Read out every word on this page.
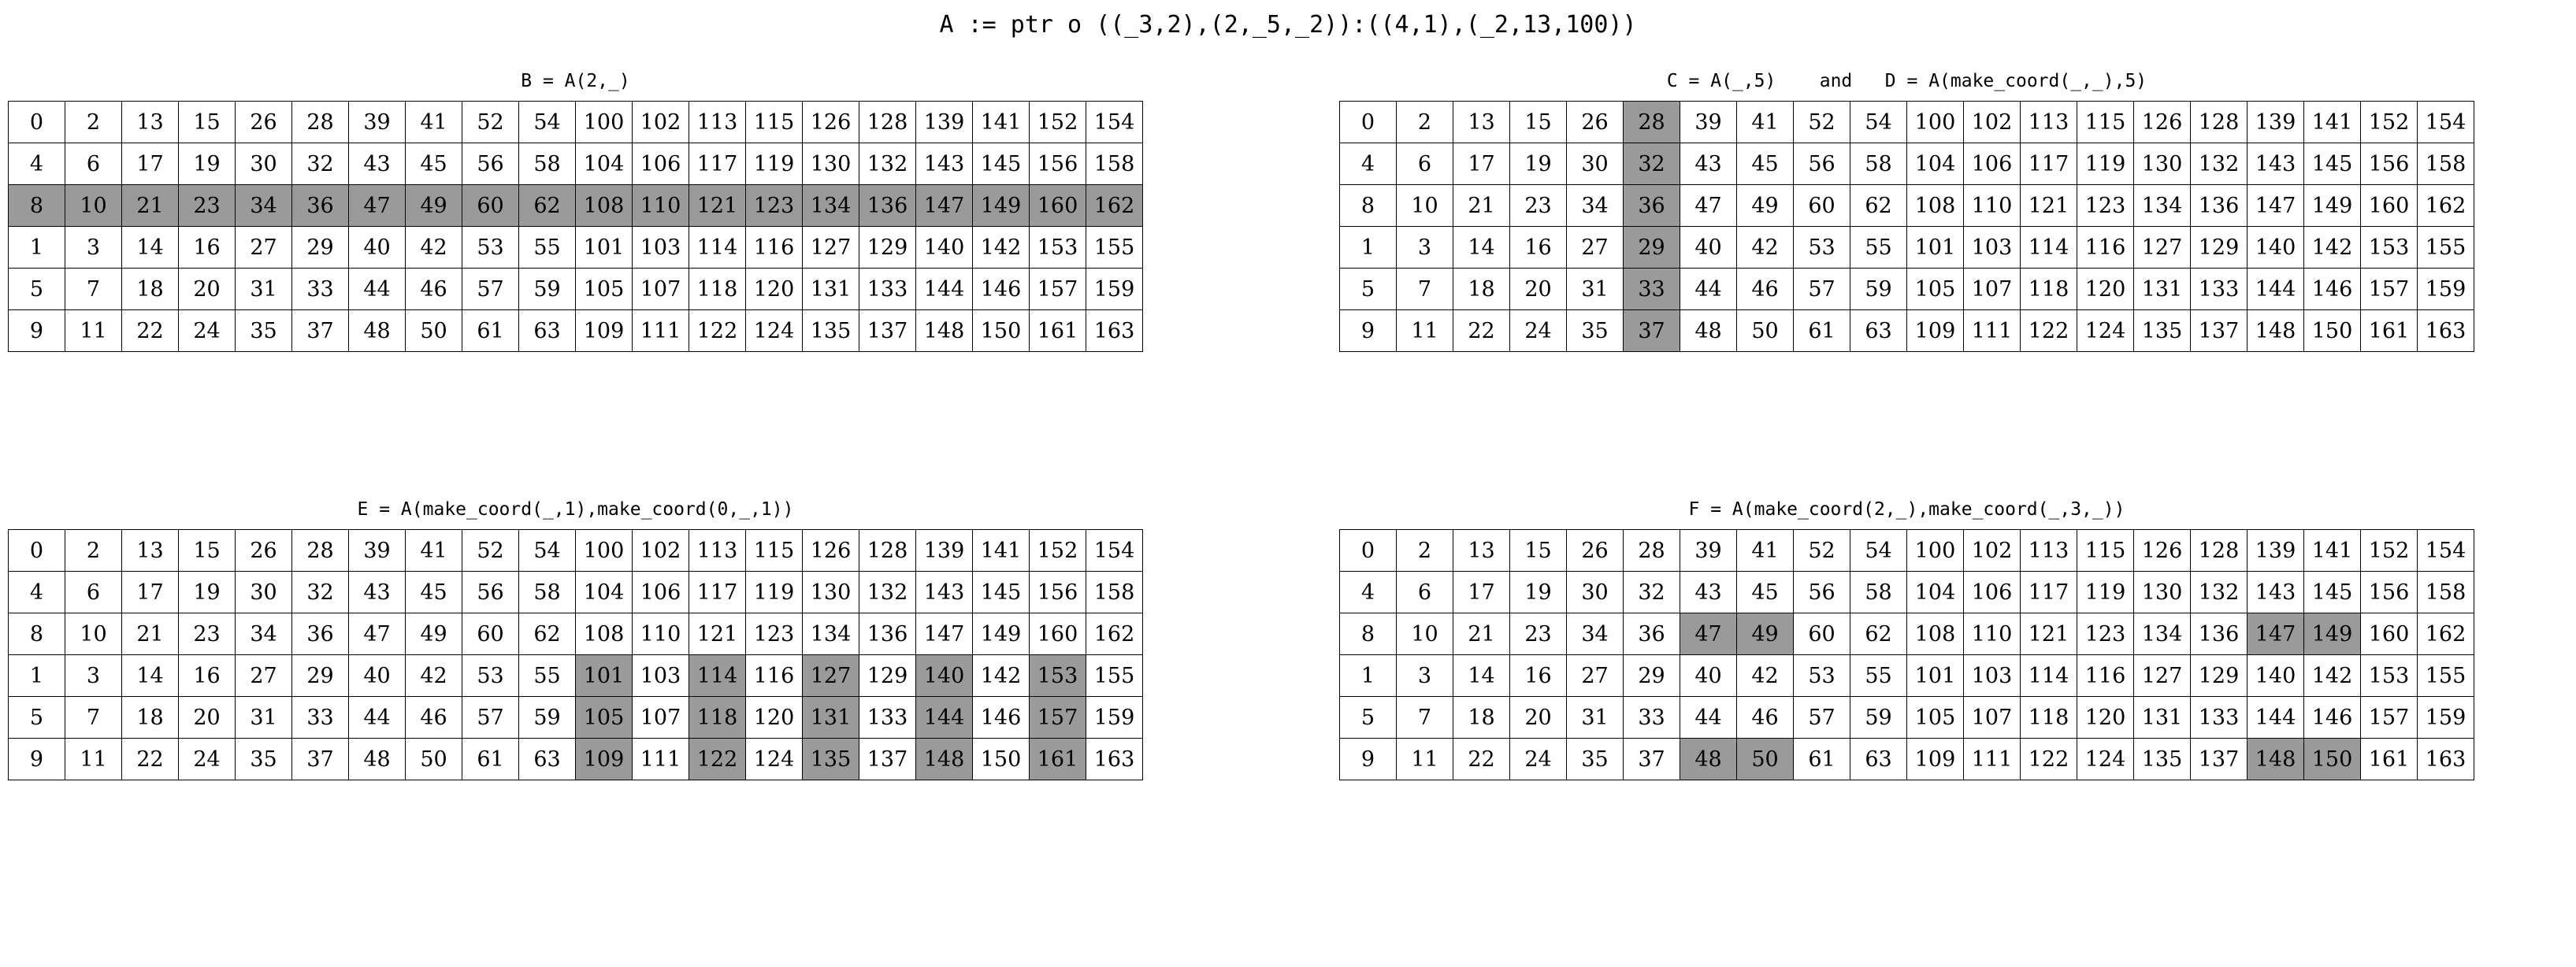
A := ptr o ((_3,2),(2,_5,_2)):((4,1),(_2,13,100))
B = A(2,_)
0	2	13	15	26	28	39	41	52	54	100	102	113	115	126	128	139	141	152	154
4	6	17	19	30	32	43	45	56	58	104	106	117	119	130	132	143	145	156	158
8	10	21	23	34	36	47	49	60	62	108	110	121	123	134	136	147	149	160	162
1	3	14	16	27	29	40	42	53	55	101	103	114	116	127	129	140	142	153	155
5	7	18	20	31	33	44	46	57	59	105	107	118	120	131	133	144	146	157	159
9	11	22	24	35	37	48	50	61	63	109	111	122	124	135	137	148	150	161	163
C = A(_,5)    and   D = A(make_coord(_,_),5)
0	2	13	15	26	28	39	41	52	54	100	102	113	115	126	128	139	141	152	154
4	6	17	19	30	32	43	45	56	58	104	106	117	119	130	132	143	145	156	158
8	10	21	23	34	36	47	49	60	62	108	110	121	123	134	136	147	149	160	162
1	3	14	16	27	29	40	42	53	55	101	103	114	116	127	129	140	142	153	155
5	7	18	20	31	33	44	46	57	59	105	107	118	120	131	133	144	146	157	159
9	11	22	24	35	37	48	50	61	63	109	111	122	124	135	137	148	150	161	163
E = A(make_coord(_,1),make_coord(0,_,1))
0	2	13	15	26	28	39	41	52	54	100	102	113	115	126	128	139	141	152	154
4	6	17	19	30	32	43	45	56	58	104	106	117	119	130	132	143	145	156	158
8	10	21	23	34	36	47	49	60	62	108	110	121	123	134	136	147	149	160	162
1	3	14	16	27	29	40	42	53	55	101	103	114	116	127	129	140	142	153	155
5	7	18	20	31	33	44	46	57	59	105	107	118	120	131	133	144	146	157	159
9	11	22	24	35	37	48	50	61	63	109	111	122	124	135	137	148	150	161	163
F = A(make_coord(2,_),make_coord(_,3,_))
0	2	13	15	26	28	39	41	52	54	100	102	113	115	126	128	139	141	152	154
4	6	17	19	30	32	43	45	56	58	104	106	117	119	130	132	143	145	156	158
8	10	21	23	34	36	47	49	60	62	108	110	121	123	134	136	147	149	160	162
1	3	14	16	27	29	40	42	53	55	101	103	114	116	127	129	140	142	153	155
5	7	18	20	31	33	44	46	57	59	105	107	118	120	131	133	144	146	157	159
9	11	22	24	35	37	48	50	61	63	109	111	122	124	135	137	148	150	161	163
